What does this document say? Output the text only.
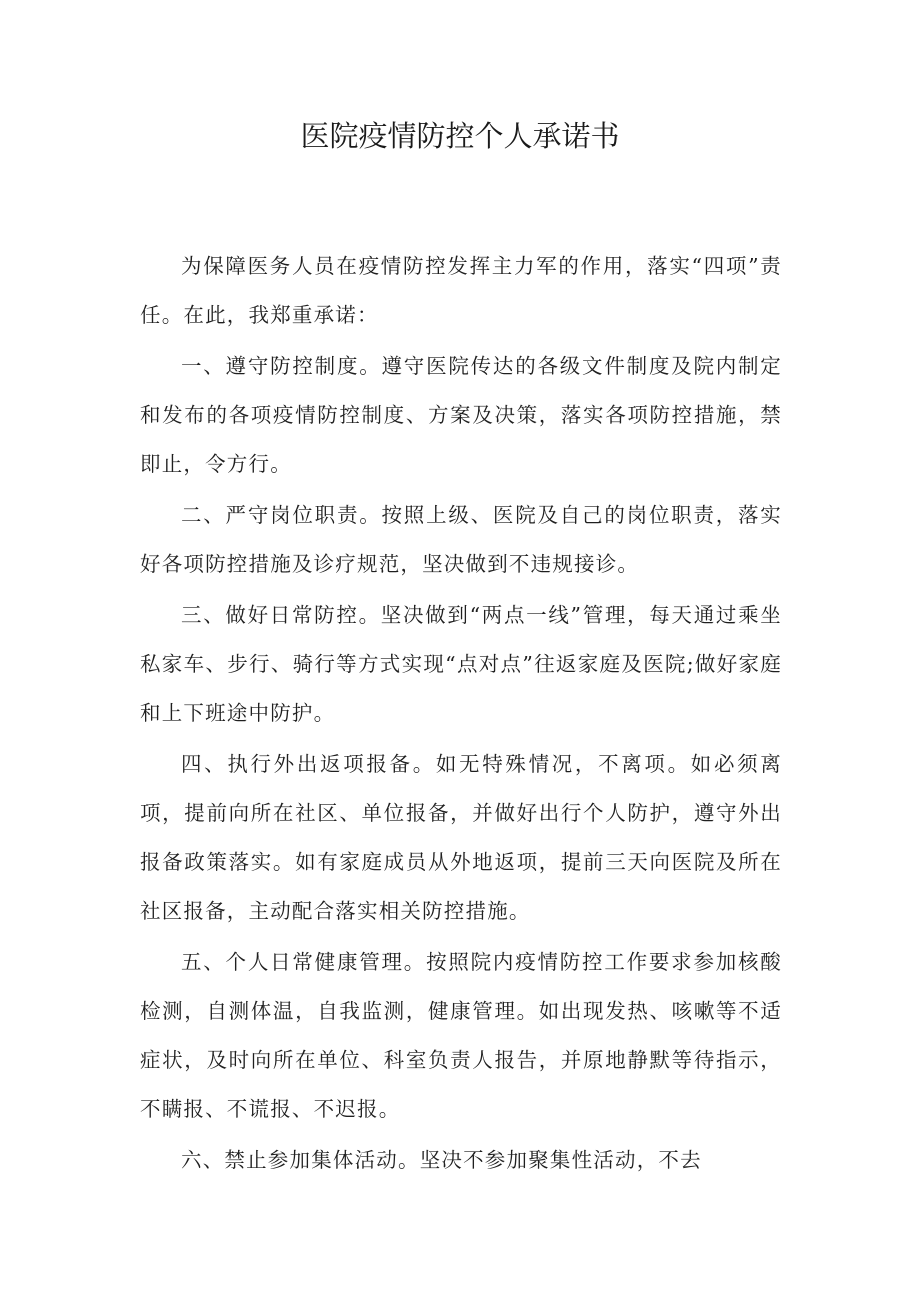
医院疫情防控个人承诺书

为保障医务人员在疫情防控发挥主力军的作用，落实“四项”责任。在此，我郑重承诺：

一、遵守防控制度。遵守医院传达的各级文件制度及院内制定和发布的各项疫情防控制度、方案及决策，落实各项防控措施，禁即止，令方行。

二、严守岗位职责。按照上级、医院及自己的岗位职责，落实好各项防控措施及诊疗规范，坚决做到不违规接诊。

三、做好日常防控。坚决做到“两点一线”管理，每天通过乘坐私家车、步行、骑行等方式实现“点对点”往返家庭及医院;做好家庭和上下班途中防护。

四、执行外出返项报备。如无特殊情况，不离项。如必须离项，提前向所在社区、单位报备，并做好出行个人防护，遵守外出报备政策落实。如有家庭成员从外地返项，提前三天向医院及所在社区报备，主动配合落实相关防控措施。

五、个人日常健康管理。按照院内疫情防控工作要求参加核酸检测，自测体温，自我监测，健康管理。如出现发热、咳嗽等不适症状，及时向所在单位、科室负责人报告，并原地静默等待指示，不瞒报、不谎报、不迟报。

六、禁止参加集体活动。坚决不参加聚集性活动，不去
